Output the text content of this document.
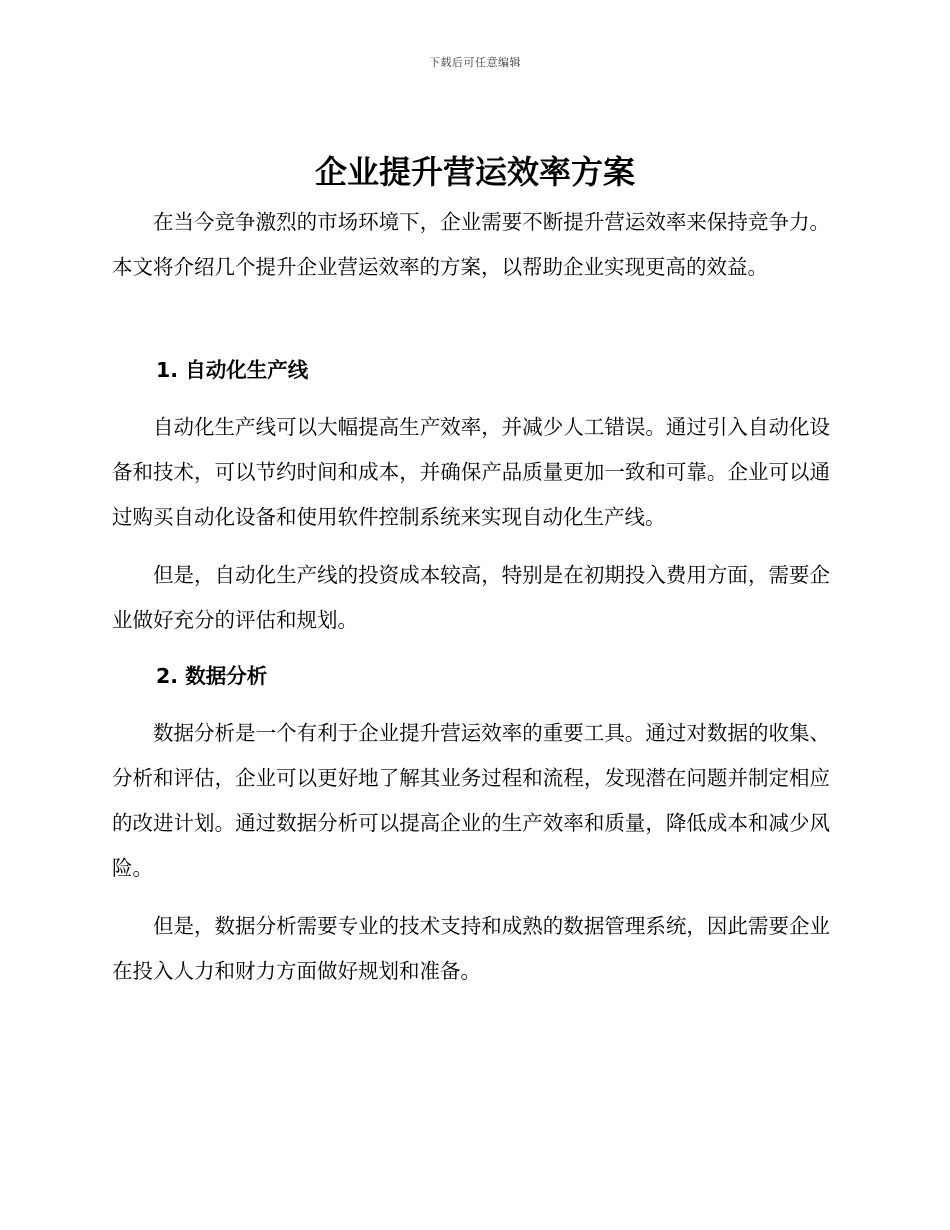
下载后可任意编辑
企业提升营运效率方案

在当今竞争激烈的市场环境下，企业需要不断提升营运效率来保持竞争力。本文将介绍几个提升企业营运效率的方案，以帮助企业实现更高的效益。

1. 自动化生产线

自动化生产线可以大幅提高生产效率，并减少人工错误。通过引入自动化设备和技术，可以节约时间和成本，并确保产品质量更加一致和可靠。企业可以通过购买自动化设备和使用软件控制系统来实现自动化生产线。

但是，自动化生产线的投资成本较高，特别是在初期投入费用方面，需要企业做好充分的评估和规划。

2. 数据分析

数据分析是一个有利于企业提升营运效率的重要工具。通过对数据的收集、分析和评估，企业可以更好地了解其业务过程和流程，发现潜在问题并制定相应的改进计划。通过数据分析可以提高企业的生产效率和质量，降低成本和减少风险。

但是，数据分析需要专业的技术支持和成熟的数据管理系统，因此需要企业在投入人力和财力方面做好规划和准备。
